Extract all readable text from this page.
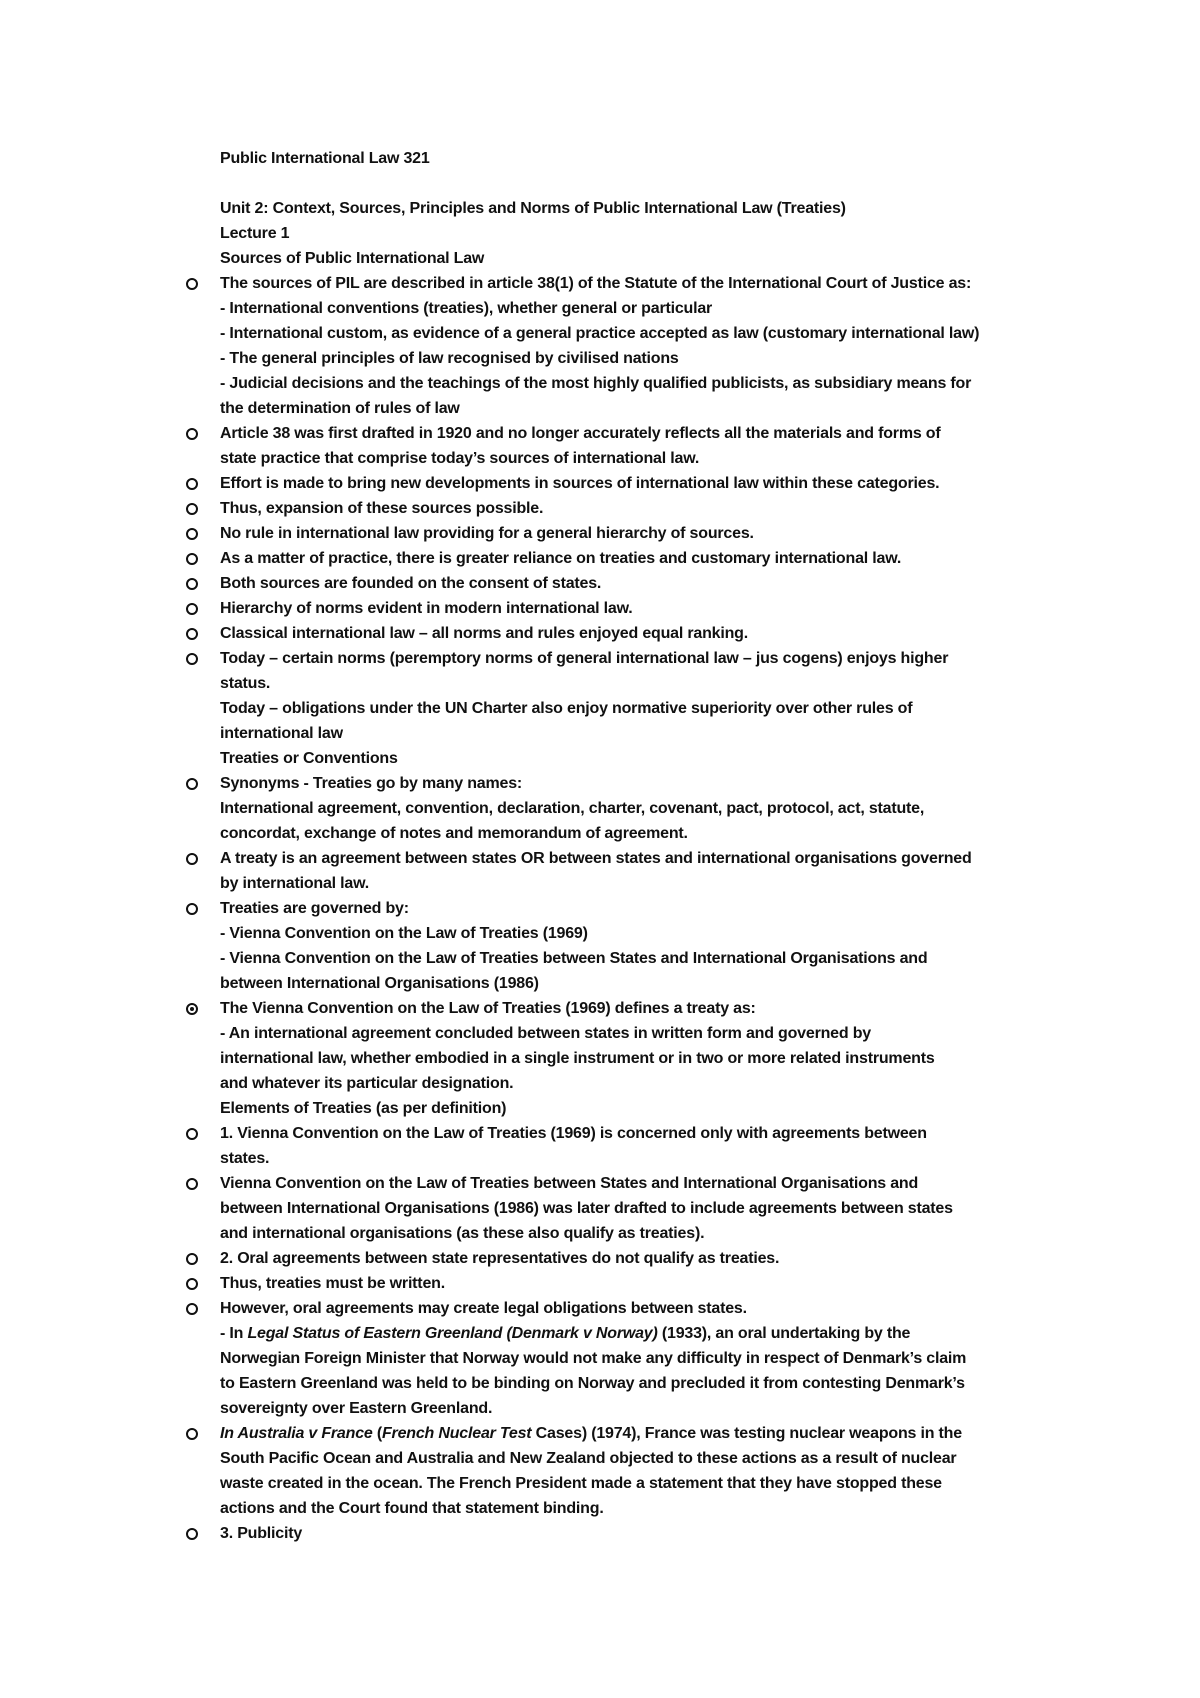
Public International Law 321
Unit 2: Context, Sources, Principles and Norms of Public International Law (Treaties)
Lecture 1
Sources of Public International Law
The sources of PIL are described in article 38(1) of the Statute of the International Court of Justice as:
- International conventions (treaties), whether general or particular
- International custom, as evidence of a general practice accepted as law (customary international law)
- The general principles of law recognised by civilised nations
- Judicial decisions and the teachings of the most highly qualified publicists, as subsidiary means for
the determination of rules of law
Article 38 was first drafted in 1920 and no longer accurately reflects all the materials and forms of
state practice that comprise today’s sources of international law.
Effort is made to bring new developments in sources of international law within these categories.
Thus, expansion of these sources possible.
No rule in international law providing for a general hierarchy of sources.
As a matter of practice, there is greater reliance on treaties and customary international law.
Both sources are founded on the consent of states.
Hierarchy of norms evident in modern international law.
Classical international law – all norms and rules enjoyed equal ranking.
Today – certain norms (peremptory norms of general international law – jus cogens) enjoys higher
status.
Today – obligations under the UN Charter also enjoy normative superiority over other rules of
international law
Treaties or Conventions
Synonyms - Treaties go by many names:
International agreement, convention, declaration, charter, covenant, pact, protocol, act, statute,
concordat, exchange of notes and memorandum of agreement.
A treaty is an agreement between states OR between states and international organisations governed
by international law.
Treaties are governed by:
- Vienna Convention on the Law of Treaties (1969)
- Vienna Convention on the Law of Treaties between States and International Organisations and
between International Organisations (1986)
The Vienna Convention on the Law of Treaties (1969) defines a treaty as:
- An international agreement concluded between states in written form and governed by
international law, whether embodied in a single instrument or in two or more related instruments
and whatever its particular designation.
Elements of Treaties (as per definition)
1. Vienna Convention on the Law of Treaties (1969) is concerned only with agreements between
states.
Vienna Convention on the Law of Treaties between States and International Organisations and
between International Organisations (1986) was later drafted to include agreements between states
and international organisations (as these also qualify as treaties).
2. Oral agreements between state representatives do not qualify as treaties.
Thus, treaties must be written.
However, oral agreements may create legal obligations between states.
- In Legal Status of Eastern Greenland (Denmark v Norway) (1933), an oral undertaking by the
Norwegian Foreign Minister that Norway would not make any difficulty in respect of Denmark’s claim
to Eastern Greenland was held to be binding on Norway and precluded it from contesting Denmark’s
sovereignty over Eastern Greenland.
In Australia v France (French Nuclear Test Cases) (1974), France was testing nuclear weapons in the
South Pacific Ocean and Australia and New Zealand objected to these actions as a result of nuclear
waste created in the ocean. The French President made a statement that they have stopped these
actions and the Court found that statement binding.
3. Publicity
